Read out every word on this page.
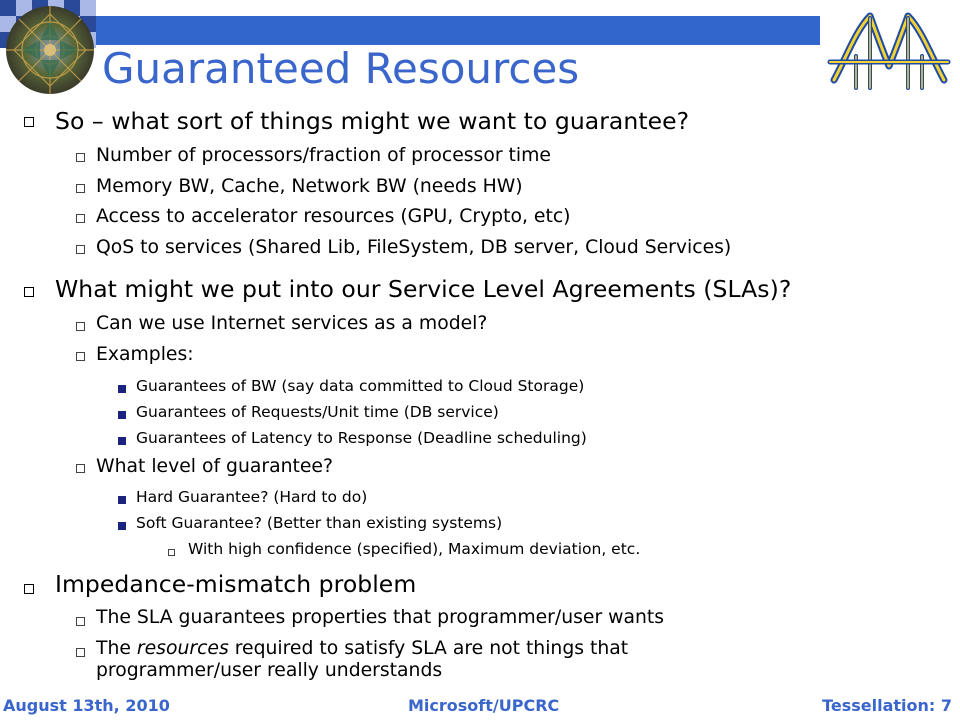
Guaranteed Resources
So – what sort of things might we want to guarantee?
Number of processors/fraction of processor time
Memory BW, Cache, Network BW (needs HW)
Access to accelerator resources (GPU, Crypto, etc)
QoS to services (Shared Lib, FileSystem, DB server, Cloud Services)
What might we put into our Service Level Agreements (SLAs)?
Can we use Internet services as a model?
Examples:
Guarantees of BW (say data committed to Cloud Storage)
Guarantees of Requests/Unit time (DB service)
Guarantees of Latency to Response (Deadline scheduling)
What level of guarantee?
Hard Guarantee? (Hard to do)
Soft Guarantee? (Better than existing systems)
With high confidence (specified), Maximum deviation, etc.
Impedance-mismatch problem
The SLA guarantees properties that programmer/user wants
The resources required to satisfy SLA are not things that
programmer/user really understands
August 13th, 2010	Microsoft/UPCRC	Tessellation: 7
